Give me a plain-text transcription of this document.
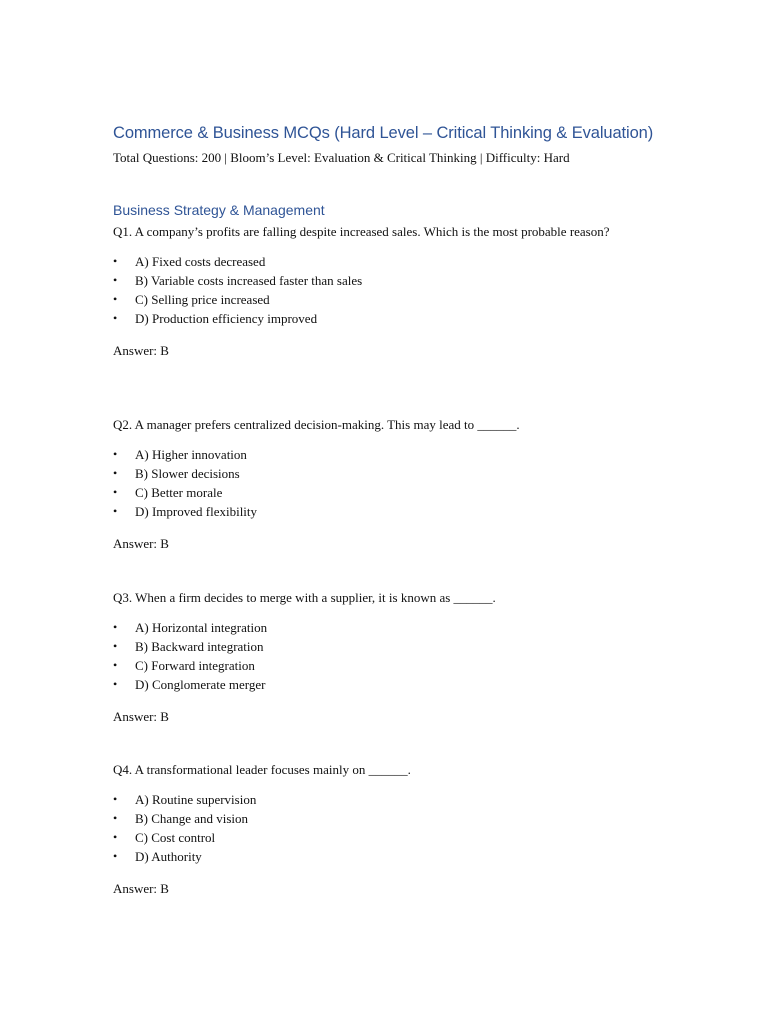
Commerce & Business MCQs (Hard Level – Critical Thinking & Evaluation)

Total Questions: 200 | Bloom’s Level: Evaluation & Critical Thinking | Difficulty: Hard

Business Strategy & Management

Q1. A company’s profits are falling despite increased sales. Which is the most probable reason?

• A) Fixed costs decreased
• B) Variable costs increased faster than sales
• C) Selling price increased
• D) Production efficiency improved

Answer: B

Q2. A manager prefers centralized decision-making. This may lead to ______.

• A) Higher innovation
• B) Slower decisions
• C) Better morale
• D) Improved flexibility

Answer: B

Q3. When a firm decides to merge with a supplier, it is known as ______.

• A) Horizontal integration
• B) Backward integration
• C) Forward integration
• D) Conglomerate merger

Answer: B

Q4. A transformational leader focuses mainly on ______.

• A) Routine supervision
• B) Change and vision
• C) Cost control
• D) Authority

Answer: B
